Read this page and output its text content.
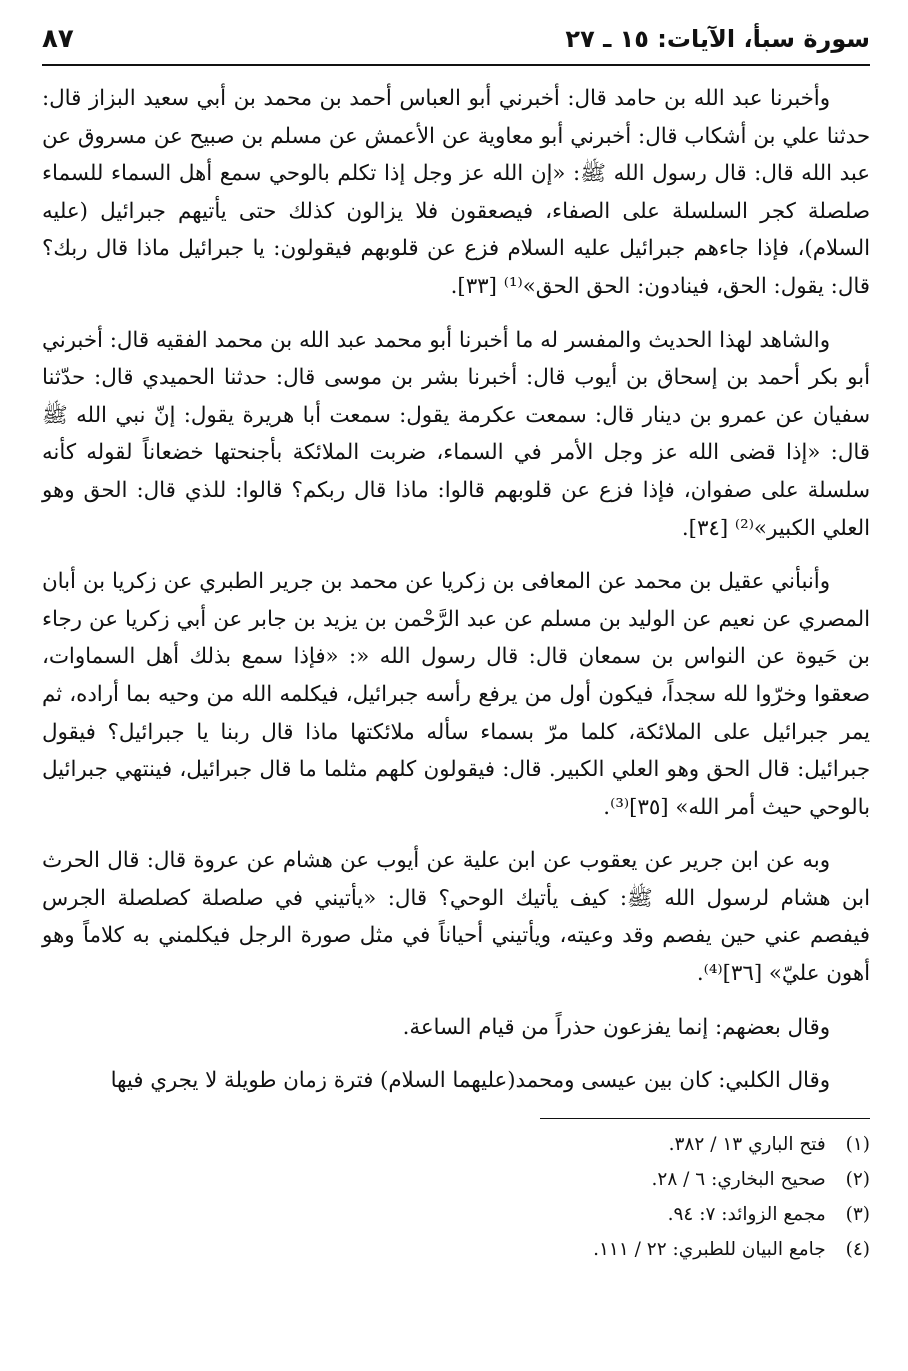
سورة سبأ، الآيات: ١٥ ـ ٢٧
٨٧

وأخبرنا عبد الله بن حامد قال: أخبرني أبو العباس أحمد بن محمد بن أبي سعيد البزاز قال: حدثنا علي بن أشكاب قال: أخبرني أبو معاوية عن الأعمش عن مسلم بن صبيح عن مسروق عن عبد الله قال: قال رسول الله ﷺ: «إن الله عز وجل إذا تكلم بالوحي سمع أهل السماء للسماء صلصلة كجر السلسلة على الصفاء، فيصعقون فلا يزالون كذلك حتى يأتيهم جبرائيل (عليه السلام)، فإذا جاءهم جبرائيل عليه السلام فزع عن قلوبهم فيقولون: يا جبرائيل ماذا قال ربك؟ قال: يقول: الحق، فينادون: الحق الحق»⁽¹⁾ [٣٣].

والشاهد لهذا الحديث والمفسر له ما أخبرنا أبو محمد عبد الله بن محمد الفقيه قال: أخبرني أبو بكر أحمد بن إسحاق بن أيوب قال: أخبرنا بشر بن موسى قال: حدثنا الحميدي قال: حدّثنا سفيان عن عمرو بن دينار قال: سمعت عكرمة يقول: سمعت أبا هريرة يقول: إنّ نبي الله ﷺ قال: «إذا قضى الله عز وجل الأمر في السماء، ضربت الملائكة بأجنحتها خضعاناً لقوله كأنه سلسلة على صفوان، فإذا فزع عن قلوبهم قالوا: ماذا قال ربكم؟ قالوا: للذي قال: الحق وهو العلي الكبير»⁽²⁾ [٣٤].

وأنبأني عقيل بن محمد عن المعافى بن زكريا عن محمد بن جرير الطبري عن زكريا بن أبان المصري عن نعيم عن الوليد بن مسلم عن عبد الرَّحْمن بن يزيد بن جابر عن أبي زكريا عن رجاء بن حَيوة عن النواس بن سمعان قال: قال رسول الله «: «فإذا سمع بذلك أهل السماوات، صعقوا وخرّوا لله سجداً، فيكون أول من يرفع رأسه جبرائيل، فيكلمه الله من وحيه بما أراده، ثم يمر جبرائيل على الملائكة، كلما مرّ بسماء سأله ملائكتها ماذا قال ربنا يا جبرائيل؟ فيقول جبرائيل: قال الحق وهو العلي الكبير. قال: فيقولون كلهم مثلما ما قال جبرائيل، فينتهي جبرائيل بالوحي حيث أمر الله» [٣٥]⁽³⁾.

وبه عن ابن جرير عن يعقوب عن ابن علية عن أيوب عن هشام عن عروة قال: قال الحرث ابن هشام لرسول الله ﷺ: كيف يأتيك الوحي؟ قال: «يأتيني في صلصلة كصلصلة الجرس فيفصم عني حين يفصم وقد وعيته، ويأتيني أحياناً في مثل صورة الرجل فيكلمني به كلاماً وهو أهون عليّ» [٣٦]⁽⁴⁾.

وقال بعضهم: إنما يفزعون حذراً من قيام الساعة.

وقال الكلبي: كان بين عيسى ومحمد(عليهما السلام) فترة زمان طويلة لا يجري فيها

(١) فتح الباري ١٣ / ٣٨٢.

(٢) صحيح البخاري: ٦ / ٢٨.

(٣) مجمع الزوائد: ٧: ٩٤.

(٤) جامع البيان للطبري: ٢٢ / ١١١.
